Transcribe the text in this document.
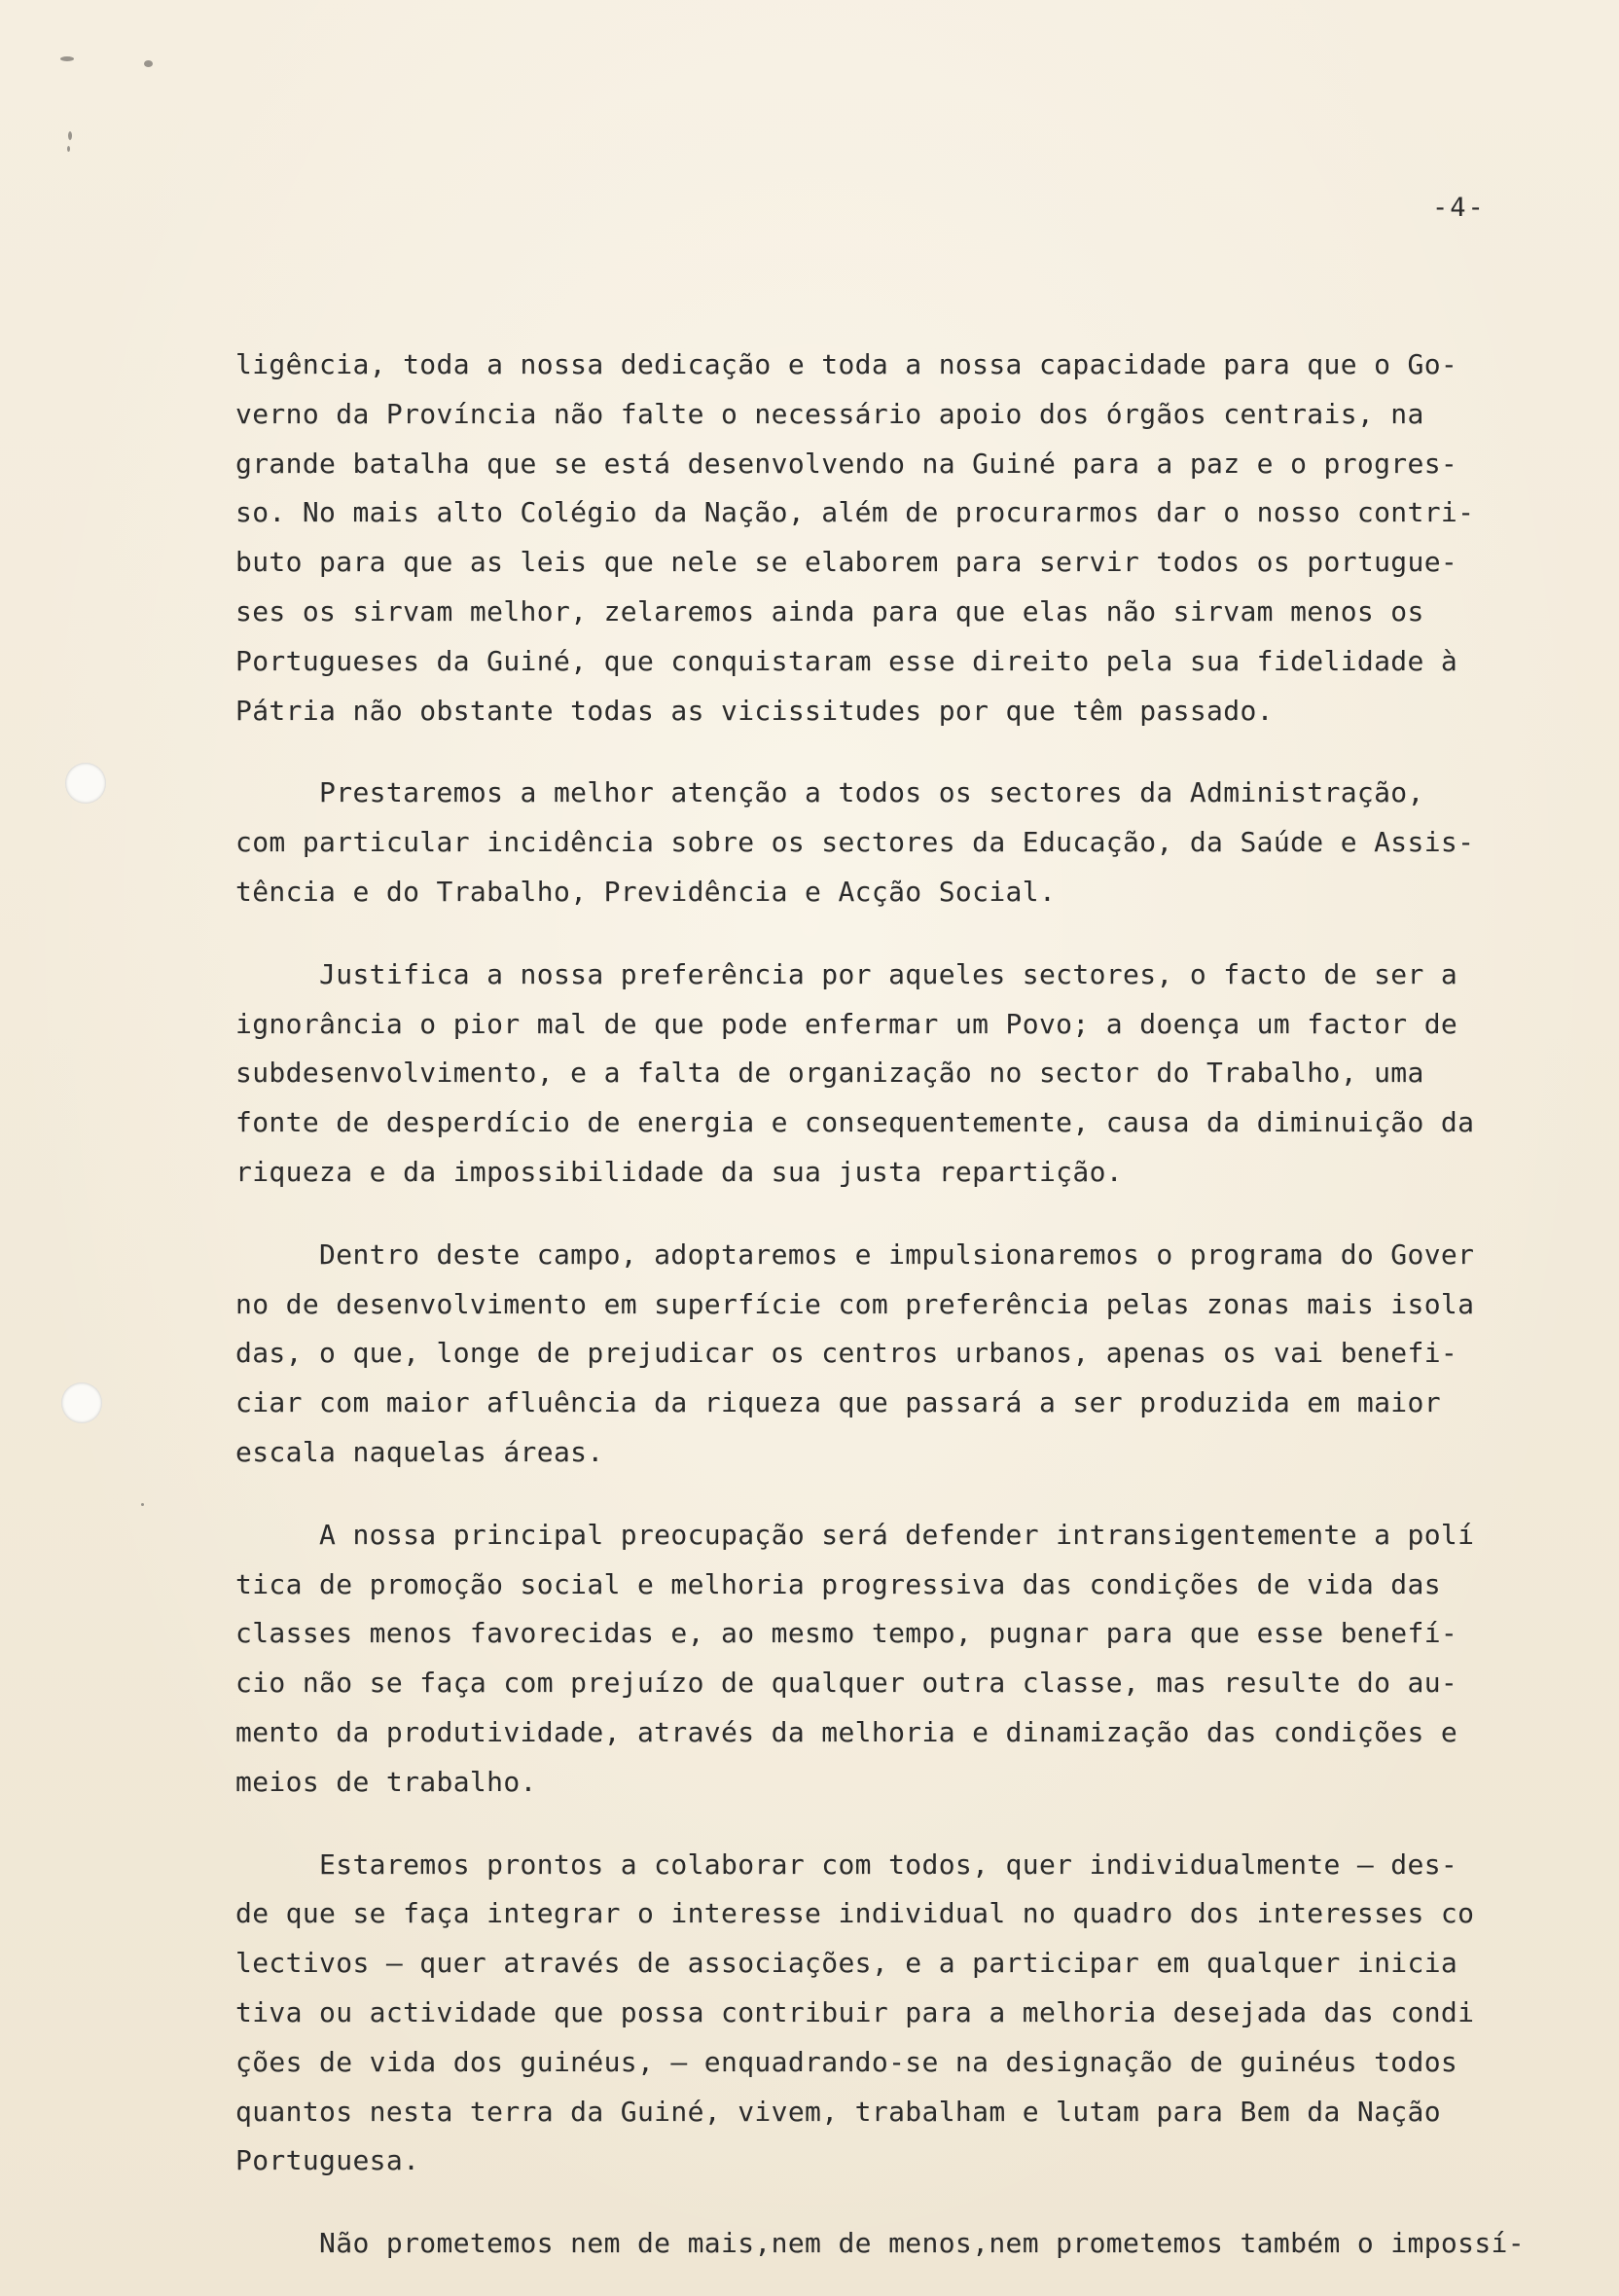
-4-
ligência, toda a nossa dedicação e toda a nossa capacidade para que o Go-
verno da Província não falte o necessário apoio dos órgãos centrais, na
grande batalha que se está desenvolvendo na Guiné para a paz e o progres-
so. No mais alto Colégio da Nação, além de procurarmos dar o nosso contri-
buto para que as leis que nele se elaborem para servir todos os portugue-
ses os sirvam melhor, zelaremos ainda para que elas não sirvam menos os
Portugueses da Guiné, que conquistaram esse direito pela sua fidelidade à
Pátria não obstante todas as vicissitudes por que têm passado.
Prestaremos a melhor atenção a todos os sectores da Administração,
com particular incidência sobre os sectores da Educação, da Saúde e Assis-
tência e do Trabalho, Previdência e Acção Social.
Justifica a nossa preferência por aqueles sectores, o facto de ser a
ignorância o pior mal de que pode enfermar um Povo; a doença um factor de
subdesenvolvimento, e a falta de organização no sector do Trabalho, uma
fonte de desperdício de energia e consequentemente, causa da diminuição da
riqueza e da impossibilidade da sua justa repartição.
Dentro deste campo, adoptaremos e impulsionaremos o programa do Gover
no de desenvolvimento em superfície com preferência pelas zonas mais isola
das, o que, longe de prejudicar os centros urbanos, apenas os vai benefi-
ciar com maior afluência da riqueza que passará a ser produzida em maior
escala naquelas áreas.
A nossa principal preocupação será defender intransigentemente a polí
tica de promoção social e melhoria progressiva das condições de vida das
classes menos favorecidas e, ao mesmo tempo, pugnar para que esse benefí-
cio não se faça com prejuízo de qualquer outra classe, mas resulte do au-
mento da produtividade, através da melhoria e dinamização das condições e
meios de trabalho.
Estaremos prontos a colaborar com todos, quer individualmente — des-
de que se faça integrar o interesse individual no quadro dos interesses co
lectivos — quer através de associações, e a participar em qualquer inicia
tiva ou actividade que possa contribuir para a melhoria desejada das condi
ções de vida dos guinéus, — enquadrando-se na designação de guinéus todos
quantos nesta terra da Guiné, vivem, trabalham e lutam para Bem da Nação
Portuguesa.
Não prometemos nem de mais,nem de menos,nem prometemos também o impossí-
